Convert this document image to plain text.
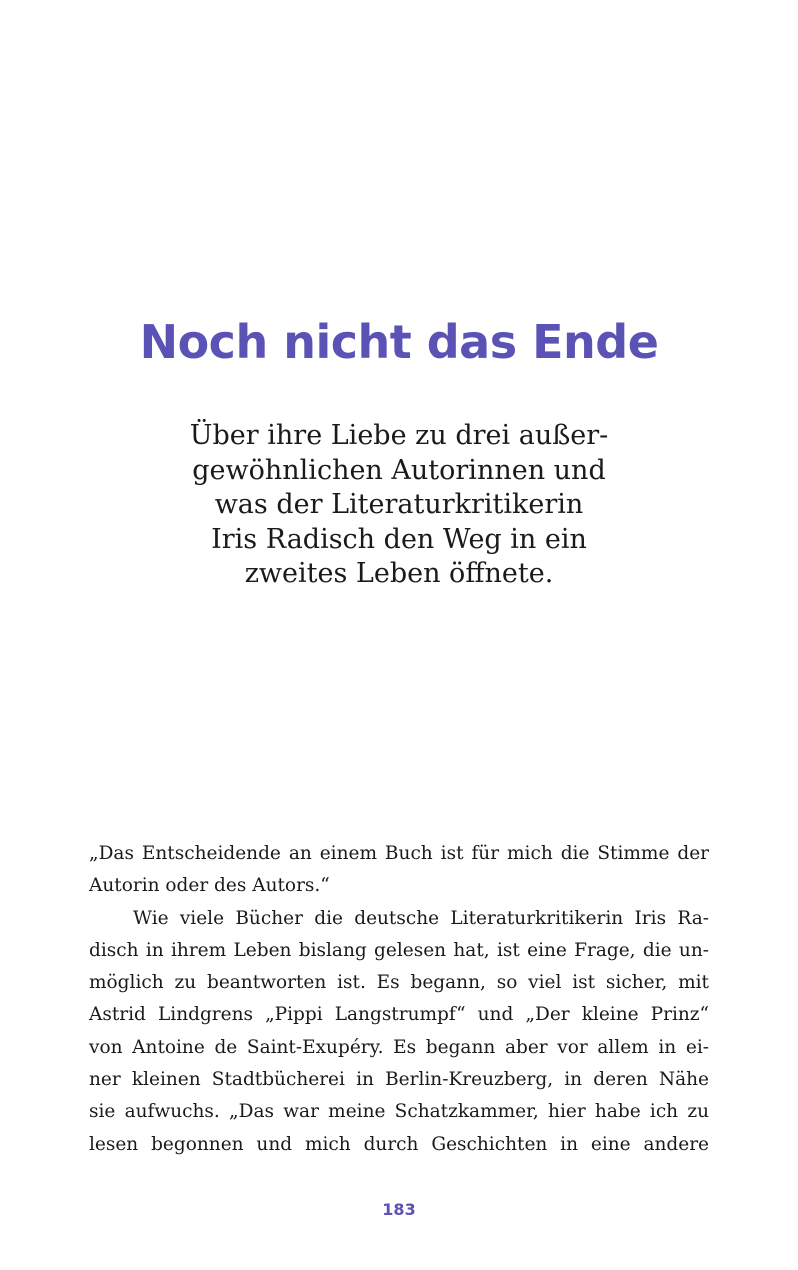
Noch nicht das Ende

Über ihre Liebe zu drei außer-
gewöhnlichen Autorinnen und
was der Literaturkritikerin
Iris Radisch den Weg in ein
zweites Leben öffnete.

„Das Entscheidende an einem Buch ist für mich die Stimme der
Autorin oder des Autors.“
Wie viele Bücher die deutsche Literaturkritikerin Iris Ra-
disch in ihrem Leben bislang gelesen hat, ist eine Frage, die un-
möglich zu beantworten ist. Es begann, so viel ist sicher, mit
Astrid Lindgrens „Pippi Langstrumpf“ und „Der kleine Prinz“
von Antoine de Saint-Exupéry. Es begann aber vor allem in ei-
ner kleinen Stadtbücherei in Berlin-Kreuzberg, in deren Nähe
sie aufwuchs. „Das war meine Schatzkammer, hier habe ich zu
lesen begonnen und mich durch Geschichten in eine andere
183
